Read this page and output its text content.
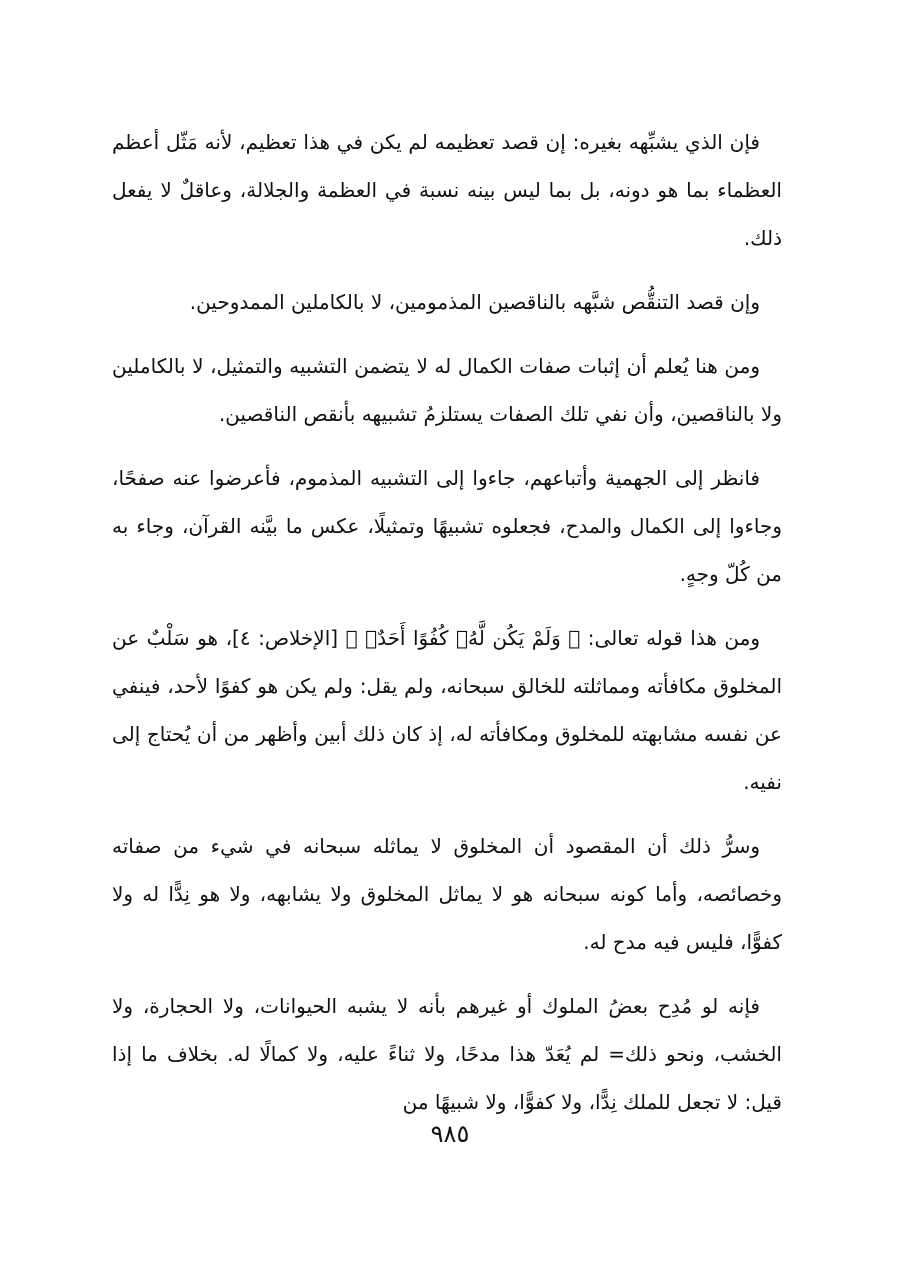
فإن الذي يشبِّهه بغيره: إن قصد تعظيمه لم يكن في هذا تعظيم، لأنه مَثّل أعظم العظماء بما هو دونه، بل بما ليس بينه نسبة في العظمة والجلالة، وعاقلٌ لا يفعل ذلك.

وإن قصد التنقُّص شبَّهه بالناقصين المذمومين، لا بالكاملين الممدوحين.

ومن هنا يُعلم أن إثبات صفات الكمال له لا يتضمن التشبيه والتمثيل، لا بالكاملين ولا بالناقصين، وأن نفي تلك الصفات يستلزمُ تشبيهه بأنقص الناقصين.

فانظر إلى الجهمية وأتباعهم، جاءوا إلى التشبيه المذموم، فأعرضوا عنه صفحًا، وجاءوا إلى الكمال والمدح، فجعلوه تشبيهًا وتمثيلًا، عكس ما بيَّنه القرآن، وجاء به من كُلّ وجهٍ.

ومن هذا قوله تعالى: ﴿ وَلَمْ يَكُن لَّهُۥ كُفُوًا أَحَدٌۢ ﴾ [الإخلاص: ٤]، هو سَلْبٌ عن المخلوق مكافأته ومماثلته للخالق سبحانه، ولم يقل: ولم يكن هو كفوًا لأحد، فينفي عن نفسه مشابهته للمخلوق ومكافأته له، إذ كان ذلك أبين وأظهر من أن يُحتاج إلى نفيه.

وسرُّ ذلك أن المقصود أن المخلوق لا يماثله سبحانه في شيء من صفاته وخصائصه، وأما كونه سبحانه هو لا يماثل المخلوق ولا يشابهه، ولا هو نِدًّا له ولا كفوًّا، فليس فيه مدح له.

فإنه لو مُدِح بعضُ الملوك أو غيرهم بأنه لا يشبه الحيوانات، ولا الحجارة، ولا الخشب، ونحو ذلك= لم يُعَدّ هذا مدحًا، ولا ثناءً عليه، ولا كمالًا له. بخلاف ما إذا قيل: لا تجعل للملك نِدًّا، ولا كفوًّا، ولا شبيهًا من

٩٨٥
